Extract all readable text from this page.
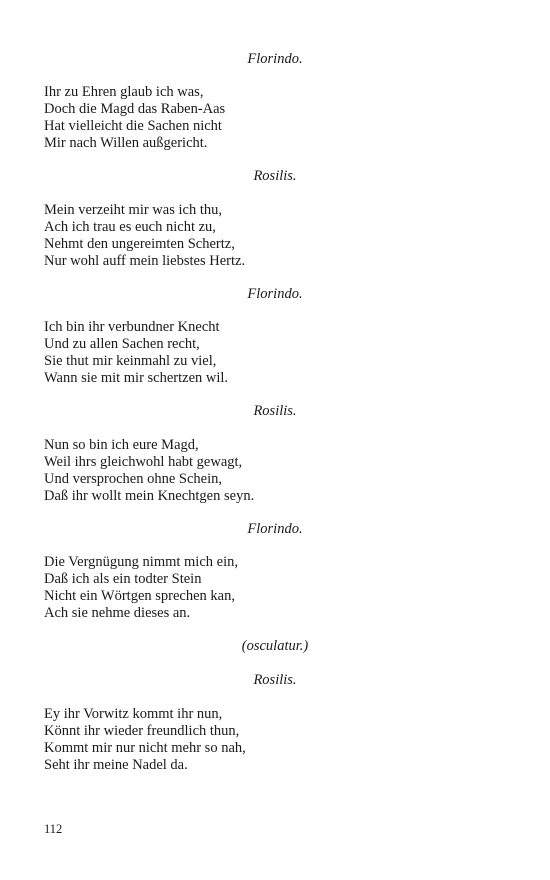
Florindo.

Ihr zu Ehren glaub ich was,
Doch die Magd das Raben-Aas
Hat vielleicht die Sachen nicht
Mir nach Willen außgericht.

Rosilis.

Mein verzeiht mir was ich thu,
Ach ich trau es euch nicht zu,
Nehmt den ungereimten Schertz,
Nur wohl auff mein liebstes Hertz.

Florindo.

Ich bin ihr verbundner Knecht
Und zu allen Sachen recht,
Sie thut mir keinmahl zu viel,
Wann sie mit mir schertzen wil.

Rosilis.

Nun so bin ich eure Magd,
Weil ihrs gleichwohl habt gewagt,
Und versprochen ohne Schein,
Daß ihr wollt mein Knechtgen seyn.

Florindo.

Die Vergnügung nimmt mich ein,
Daß ich als ein todter Stein
Nicht ein Wörtgen sprechen kan,
Ach sie nehme dieses an.

(osculatur.)

Rosilis.

Ey ihr Vorwitz kommt ihr nun,
Könnt ihr wieder freundlich thun,
Kommt mir nur nicht mehr so nah,
Seht ihr meine Nadel da.

112
